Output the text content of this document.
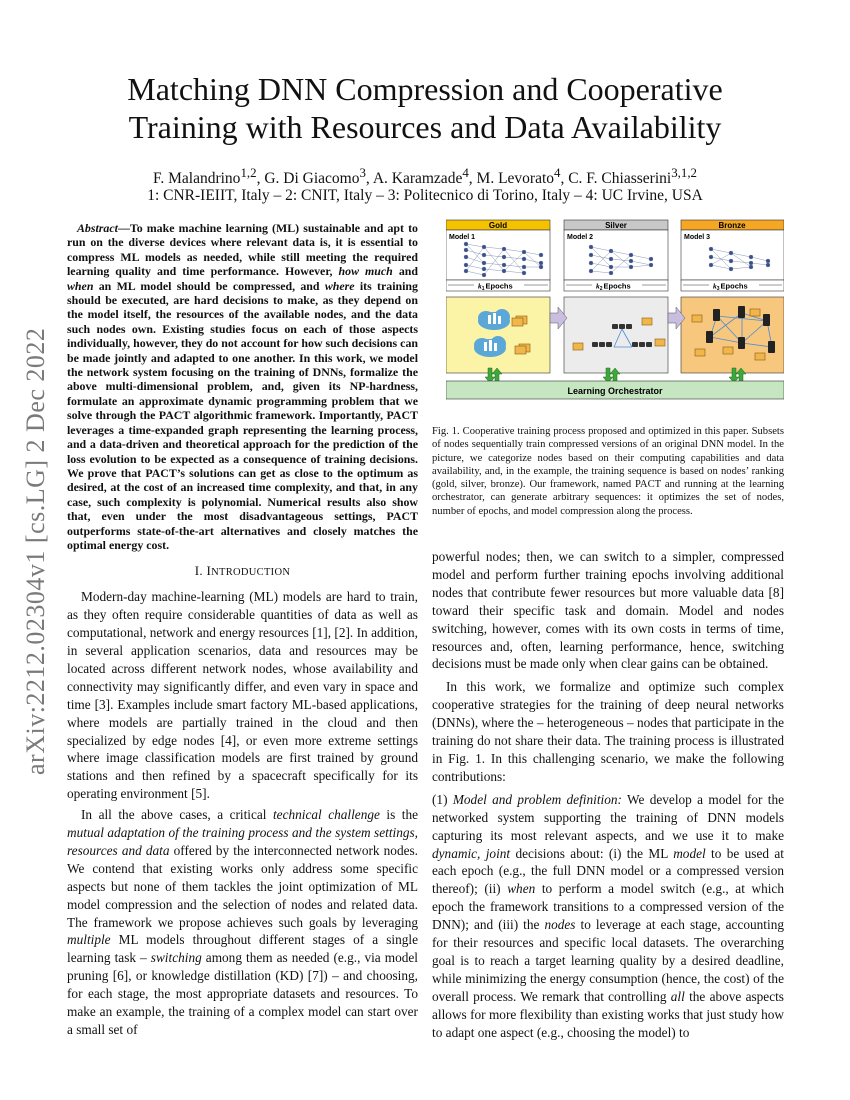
arXiv:2212.02304v1 [cs.LG] 2 Dec 2022
Matching DNN Compression and Cooperative
Training with Resources and Data Availability
F. Malandrino$^{1,2}$, G. Di Giacomo$^3$, A. Karamzade$^4$, M. Levorato$^4$, C. F. Chiasserini$^{3,1,2}$
1: CNR-IEIIT, Italy – 2: CNIT, Italy – 3: Politecnico di Torino, Italy – 4: UC Irvine, USA

Abstract—To make machine learning (ML) sustainable and apt to run on the diverse devices where relevant data is, it is essential to compress ML models as needed, while still meeting the required learning quality and time performance. However, how much and when an ML model should be compressed, and where its training should be executed, are hard decisions to make, as they depend on the model itself, the resources of the available nodes, and the data such nodes own. Existing studies focus on each of those aspects individually, however, they do not account for how such decisions can be made jointly and adapted to one another. In this work, we model the network system focusing on the training of DNNs, formalize the above multi-dimensional problem, and, given its NP-hardness, formulate an approximate dynamic programming problem that we solve through the PACT algorithmic framework. Importantly, PACT leverages a time-expanded graph representing the learning process, and a data-driven and theoretical approach for the prediction of the loss evolution to be expected as a consequence of training decisions. We prove that PACT’s solutions can get as close to the optimum as desired, at the cost of an increased time complexity, and that, in any case, such complexity is polynomial. Numerical results also show that, even under the most disadvantageous settings, PACT outperforms state-of-the-art alternatives and closely matches the optimal energy cost.

I. INTRODUCTION

Modern-day machine-learning (ML) models are hard to train, as they often require considerable quantities of data as well as computational, network and energy resources [1], [2]. In addition, in several application scenarios, data and resources may be located across different network nodes, whose availability and connectivity may significantly differ, and even vary in space and time [3]. Examples include smart factory ML-based applications, where models are partially trained in the cloud and then specialized by edge nodes [4], or even more extreme settings where image classification models are first trained by ground stations and then refined by a spacecraft specifically for its operating environment [5].

In all the above cases, a critical technical challenge is the mutual adaptation of the training process and the system settings, resources and data offered by the interconnected network nodes. We contend that existing works only address some specific aspects but none of them tackles the joint optimization of ML model compression and the selection of nodes and related data. The framework we propose achieves such goals by leveraging multiple ML models throughout different stages of a single learning task – switching among them as needed (e.g., via model pruning [6], or knowledge distillation (KD) [7]) – and choosing, for each stage, the most appropriate datasets and resources. To make an example, the training of a complex model can start over a small set of

Gold
Model 1
Silver
Model 2
Bronze
Model 3
$k_1Epochs$	$k_2Epochs$	$k_3Epochs$
Learning Orchestrator

Fig. 1. Cooperative training process proposed and optimized in this paper. Subsets of nodes sequentially train compressed versions of an original DNN model. In the picture, we categorize nodes based on their computing capabilities and data availability, and, in the example, the training sequence is based on nodes’ ranking (gold, silver, bronze). Our framework, named PACT and running at the learning orchestrator, can generate arbitrary sequences: it optimizes the set of nodes, number of epochs, and model compression along the process.

powerful nodes; then, we can switch to a simpler, compressed model and perform further training epochs involving additional nodes that contribute fewer resources but more valuable data [8] toward their specific task and domain. Model and nodes switching, however, comes with its own costs in terms of time, resources and, often, learning performance, hence, switching decisions must be made only when clear gains can be obtained.

In this work, we formalize and optimize such complex cooperative strategies for the training of deep neural networks (DNNs), where the – heterogeneous – nodes that participate in the training do not share their data. The training process is illustrated in Fig. 1. In this challenging scenario, we make the following contributions:

(1) Model and problem definition: We develop a model for the networked system supporting the training of DNN models capturing its most relevant aspects, and we use it to make dynamic, joint decisions about: (i) the ML model to be used at each epoch (e.g., the full DNN model or a compressed version thereof); (ii) when to perform a model switch (e.g., at which epoch the framework transitions to a compressed version of the DNN); and (iii) the nodes to leverage at each stage, accounting for their resources and specific local datasets. The overarching goal is to reach a target learning quality by a desired deadline, while minimizing the energy consumption (hence, the cost) of the overall process. We remark that controlling all the above aspects allows for more flexibility than existing works that just study how to adapt one aspect (e.g., choosing the model) to
